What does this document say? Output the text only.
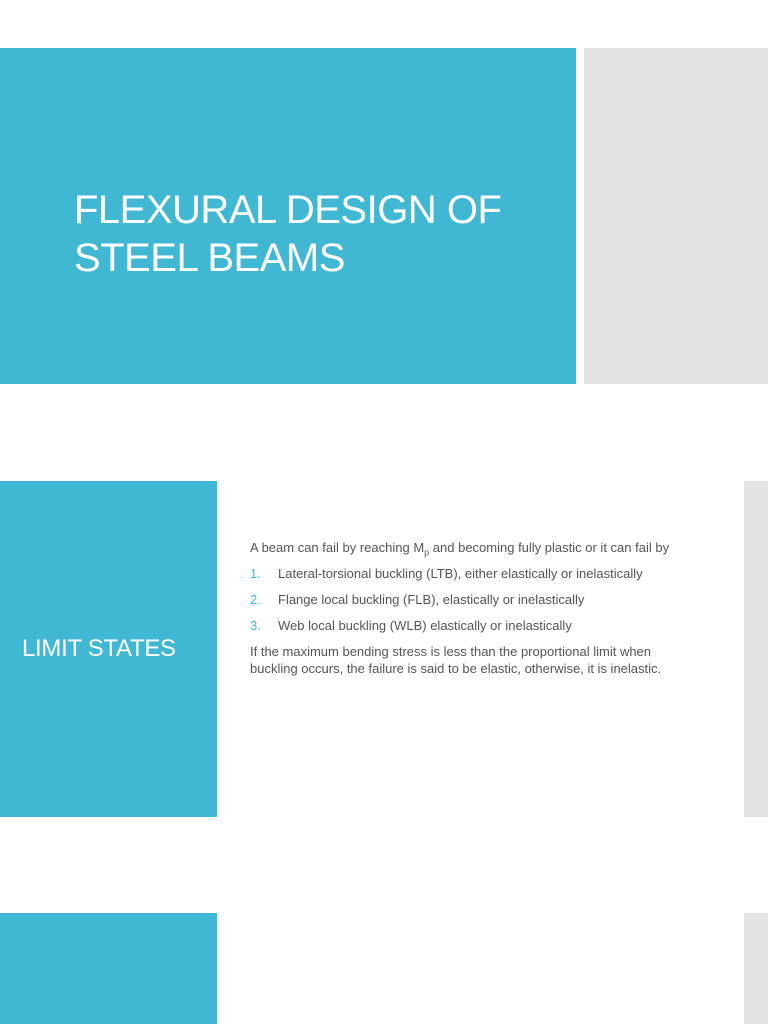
FLEXURAL DESIGN OF
STEEL BEAMS
LIMIT STATES

A beam can fail by reaching $M_p$ and becoming fully plastic or it can fail by

1. Lateral-torsional buckling (LTB), either elastically or inelastically
2. Flange local buckling (FLB), elastically or inelastically
3. Web local buckling (WLB) elastically or inelastically

If the maximum bending stress is less than the proportional limit when buckling occurs, the failure is said to be elastic, otherwise, it is inelastic.
